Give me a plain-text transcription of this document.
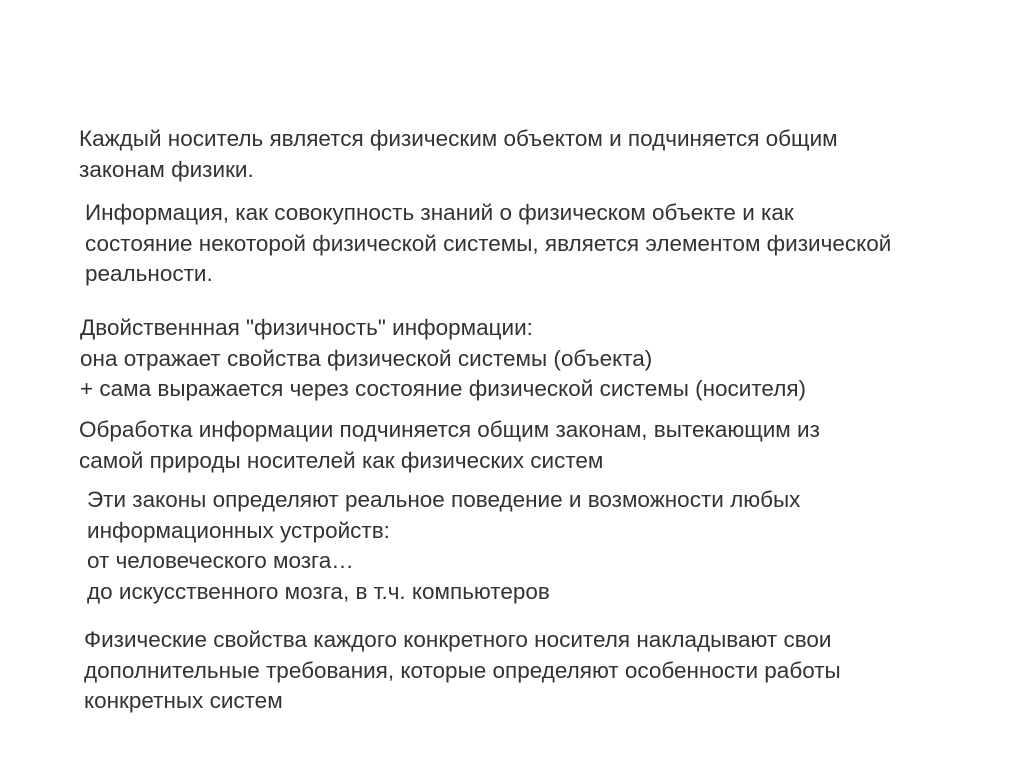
Каждый носитель является физическим объектом и подчиняется общим
законам физики.
Информация, как совокупность знаний о физическом объекте и как
состояние некоторой физической системы, является элементом физической
реальности.
Двойственнная "физичность" информации:
она отражает свойства физической системы (объекта)
+ сама выражается через состояние физической системы (носителя)
Обработка информации подчиняется общим законам, вытекающим из
самой природы носителей как физических систем
Эти законы определяют реальное поведение и возможности любых
информационных устройств:
от человеческого мозга…
до искусственного мозга, в т.ч. компьютеров
Физические свойства каждого конкретного носителя накладывают свои
дополнительные требования, которые определяют особенности работы
конкретных систем
